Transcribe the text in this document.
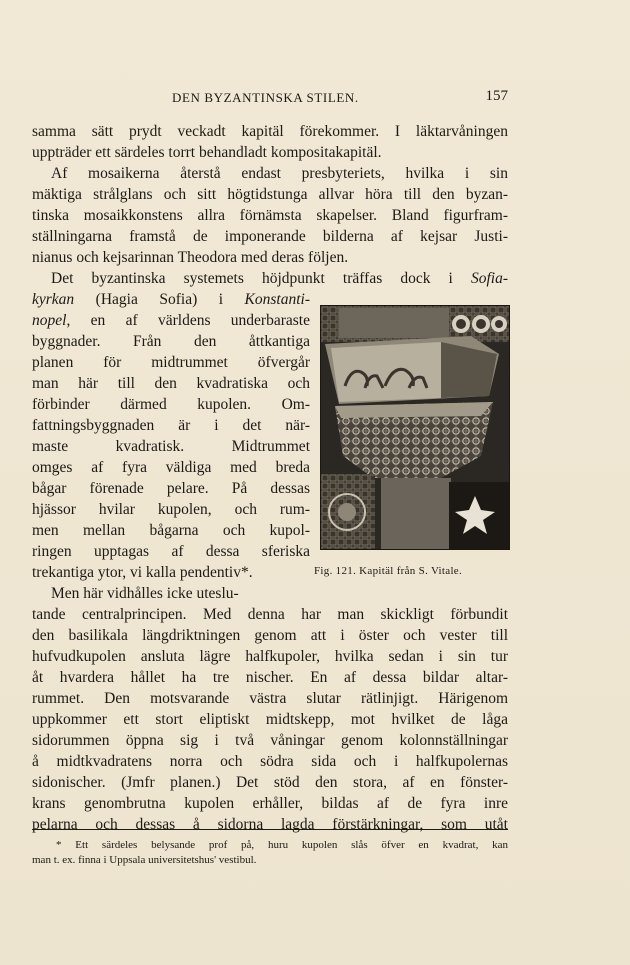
DEN BYZANTINSKA STILEN.	157
samma sätt prydt veckadt kapitäl förekommer. I läktarvåningen
uppträder ett särdeles torrt behandladt kompositakapitäl.
Af mosaikerna återstå endast presbyteriets, hvilka i sin
mäktiga strålglans och sitt högtidstunga allvar höra till den byzan-
tinska mosaikkonstens allra förnämsta skapelser. Bland figurfram-
ställningarna framstå de imponerande bilderna af kejsar Justi-
nianus och kejsarinnan Theodora med deras följen.
Det byzantinska systemets höjdpunkt träffas dock i Sofia-
kyrkan (Hagia Sofia) i Konstanti-
nopel, en af världens underbaraste
byggnader. Från den åttkantiga
planen för midtrummet öfvergår
man här till den kvadratiska och
förbinder därmed kupolen. Om-
fattningsbyggnaden är i det när-
maste kvadratisk. Midtrummet
omges af fyra väldiga med breda
bågar förenade pelare. På dessas
hjässor hvilar kupolen, och rum-
men mellan bågarna och kupol-
ringen upptagas af dessa sferiska
trekantiga ytor, vi kalla pendentiv*.
Men här vidhålles icke uteslu-
tande centralprincipen. Med denna har man skickligt förbundit
den basilikala längdriktningen genom att i öster och vester till
hufvudkupolen ansluta lägre halfkupoler, hvilka sedan i sin tur
åt hvardera hållet ha tre nischer. En af dessa bildar altar-
rummet. Den motsvarande västra slutar rätlinjigt. Härigenom
uppkommer ett stort eliptiskt midtskepp, mot hvilket de låga
sidorummen öppna sig i två våningar genom kolonnställningar
å midtkvadratens norra och södra sida och i halfkupolernas
sidonischer. (Jmfr planen.) Det stöd den stora, af en fönster-
krans genombrutna kupolen erhåller, bildas af de fyra inre
pelarna och dessas å sidorna lagda förstärkningar, som utåt
Fig. 121. Kapitäl från S. Vitale.
* Ett särdeles belysande prof på, huru kupolen slås öfver en kvadrat, kan
man t. ex. finna i Uppsala universitetshus' vestibul.
